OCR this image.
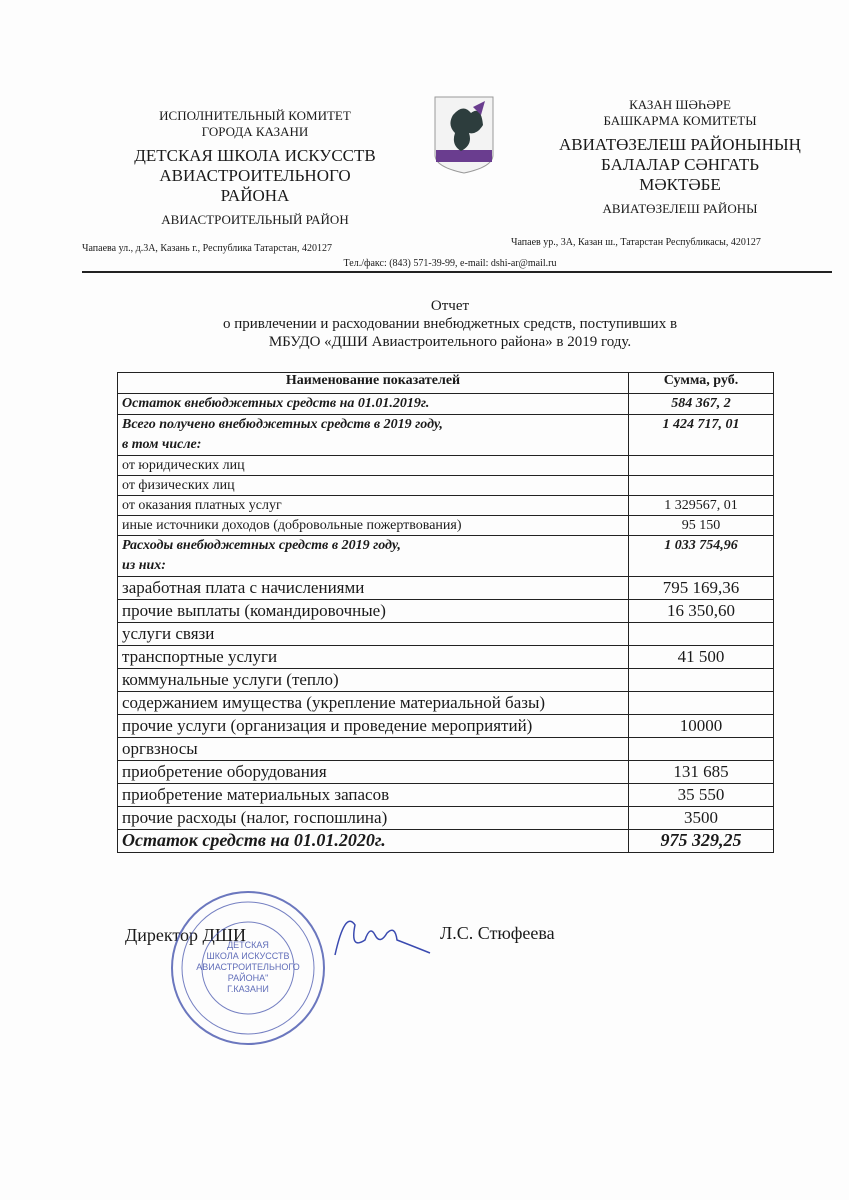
ИСПОЛНИТЕЛЬНЫЙ КОМИТЕТ
ГОРОДА КАЗАНИ
ДЕТСКАЯ ШКОЛА ИСКУССТВ
АВИАСТРОИТЕЛЬНОГО
РАЙОНА
АВИАСТРОИТЕЛЬНЫЙ РАЙОН
Чапаева ул., д.3А, Казань г., Республика Татарстан, 420127
КАЗАН ШӘҺӘРЕ
БАШКАРМА КОМИТЕТЫ
АВИАТӨЗЕЛЕШ РАЙОНЫНЫҢ
БАЛАЛАР СӘНГАТЬ
МӘКТӘБЕ
АВИАТӨЗЕЛЕШ РАЙОНЫ
Чапаев ур., 3А, Казан ш., Татарстан Республикасы, 420127
Тел./факс: (843) 571-39-99, e-mail: dshi-ar@mail.ru
Отчет
о привлечении и расходовании внебюджетных средств, поступивших в
МБУДО «ДШИ Авиастроительного района» в 2019 году.
Наименование показателей	Сумма, руб.

Остаток внебюджетных средств на 01.01.2019г.	584 367, 2

Всего получено внебюджетных средств в 2019 году,
в том числе:	1 424 717, 01

от юридических лиц	

от физических лиц	

от оказания платных услуг	1 329567, 01

иные источники доходов (добровольные пожертвования)	95 150

Расходы внебюджетных средств в 2019 году,
из них:	1 033 754,96

заработная плата с начислениями	795 169,36

прочие выплаты (командировочные)	16 350,60

услуги связи	

транспортные услуги	41 500

коммунальные услуги (тепло)	

содержанием имущества (укрепление материальной базы)	

прочие услуги (организация и проведение мероприятий)	10000

оргвзносы	

приобретение оборудования	131 685

приобретение материальных запасов	35 550

прочие расходы (налог, госпошлина)	3500

Остаток средств на 01.01.2020г.	975 329,25
Директор ДШИ	Л.С. Стюфеева
ДЕТСКАЯ
ШКОЛА ИСКУССТВ
АВИАСТРОИТЕЛЬНОГО
РАЙОНА"
Г.КАЗАНИ
